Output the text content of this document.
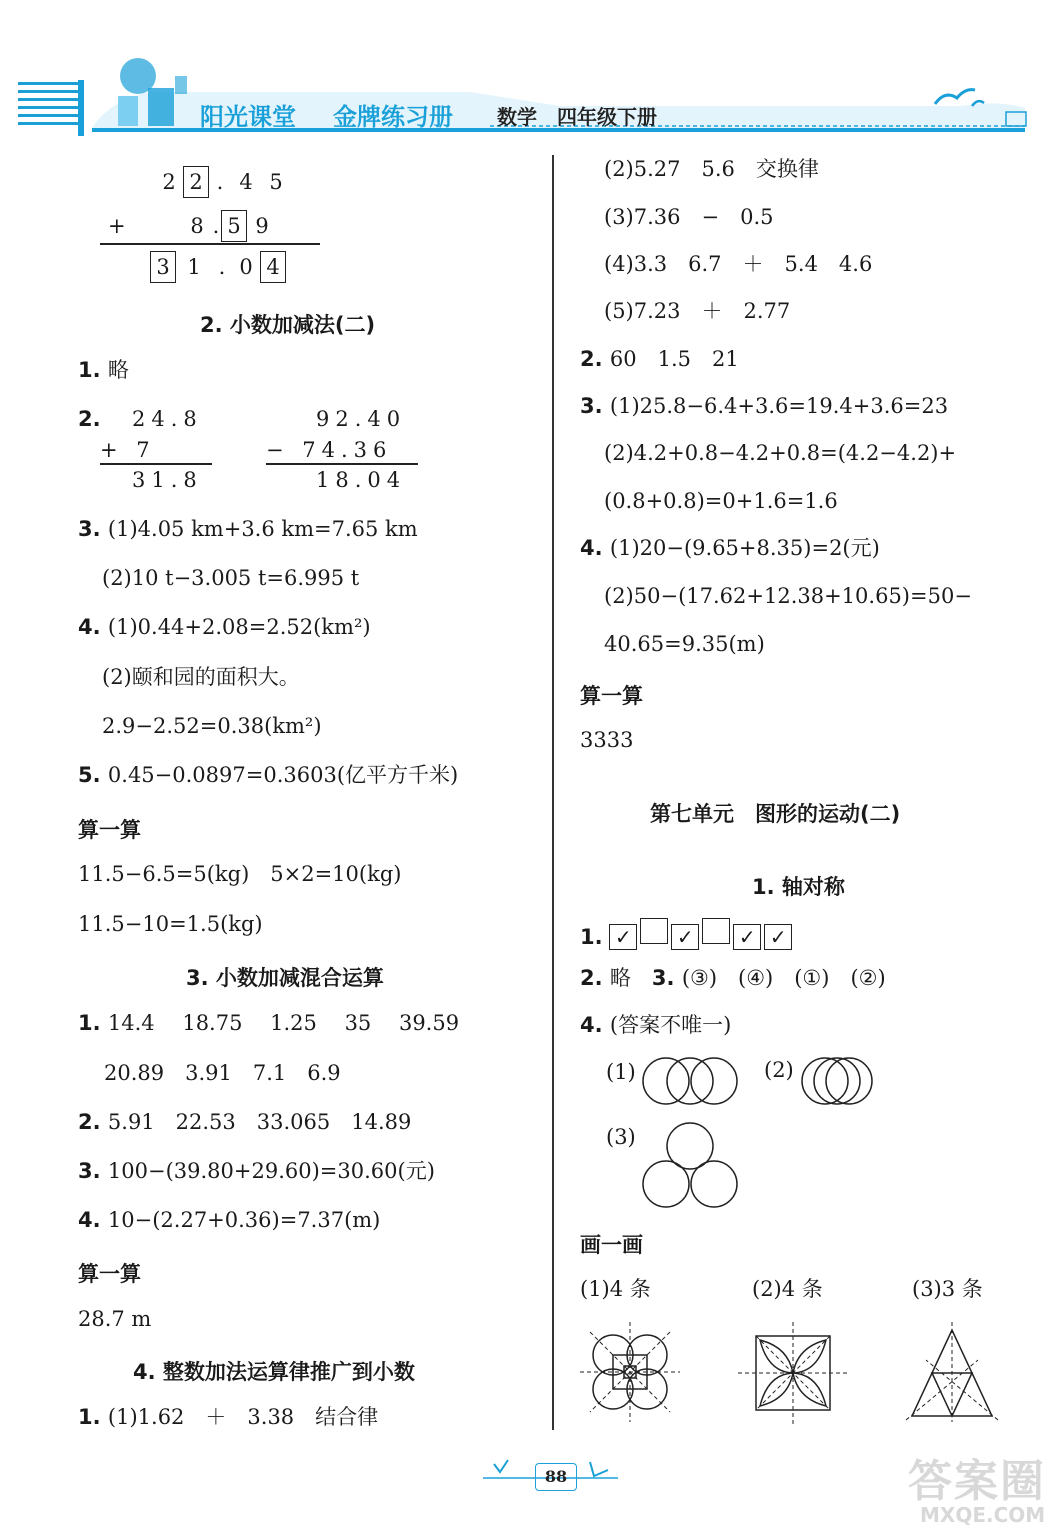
阳光课堂 金牌练习册 数学　四年级下册
2 2 . 4 5
+	8 . 5 9
3 1 . 0 4
2. 小数加减法(二)
1. 略
2. 24.8
+ 7
31.8
92.40
− 74.36
18.04
3. (1)4.05 km+3.6 km=7.65 km
(2)10 t−3.005 t=6.995 t
4. (1)0.44+2.08=2.52(km²)
(2)颐和园的面积大。
2.9−2.52=0.38(km²)
5. 0.45−0.0897=0.3603(亿平方千米)
算一算
11.5−6.5=5(kg)　5×2=10(kg)
11.5−10=1.5(kg)
3. 小数加减混合运算
1. 14.4　 18.75　 1.25　 35　 39.59
20.89　3.91　7.1　6.9
2. 5.91　22.53　33.065　14.89
3. 100−(39.80+29.60)=30.60(元)
4. 10−(2.27+0.36)=7.37(m)
算一算
28.7 m
4. 整数加法运算律推广到小数
1. (1)1.62　＋　3.38　结合律
(2)5.27　5.6　交换律
(3)7.36　−　0.5
(4)3.3　6.7　＋　5.4　4.6
(5)7.23　＋　2.77
2. 60　1.5　21
3. (1)25.8−6.4+3.6=19.4+3.6=23
(2)4.2+0.8−4.2+0.8=(4.2−4.2)+
(0.8+0.8)=0+1.6=1.6
4. (1)20−(9.65+8.35)=2(元)
(2)50−(17.62+12.38+10.65)=50−
40.65=9.35(m)
算一算
3333
第七单元　图形的运动(二)
1. 轴对称
1. ✓ ✓ ✓ ✓
2. 略　3. (③)　(④)　(①)　(②)
4. (答案不唯一)
(1)	(2)
(3)
画一画
(1)4 条	(2)4 条	(3)3 条
88	答案圈
MXQE.COM
